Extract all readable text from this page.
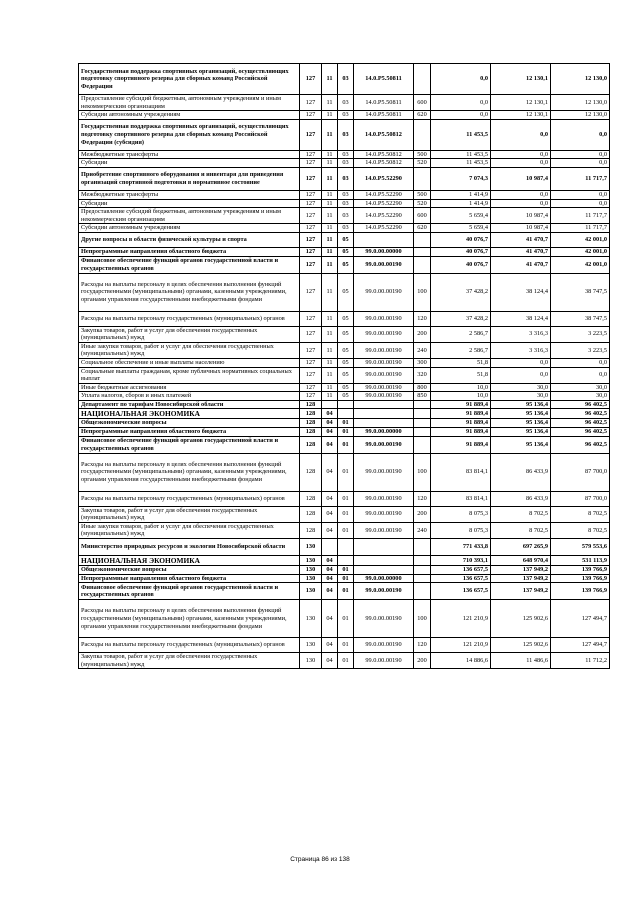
Государственная поддержка спортивных организаций, осуществляющих подготовку спортивного резерва для сборных команд Российской Федерации	127	11	03	14.0.P5.50811		0,0	12 130,1	12 130,0
Предоставление субсидий бюджетным, автономным учреждениям и иным некоммерческим организациям	127	11	03	14.0.P5.50811	600	0,0	12 130,1	12 130,0
Субсидии автономным учреждениям	127	11	03	14.0.P5.50811	620	0,0	12 130,1	12 130,0
Государственная поддержка спортивных организаций, осуществляющих подготовку спортивного резерва для сборных команд Российской Федерации (субсидия)	127	11	03	14.0.P5.50812		11 453,5	0,0	0,0
Межбюджетные трансферты	127	11	03	14.0.P5.50812	500	11 453,5	0,0	0,0
Субсидии	127	11	03	14.0.P5.50812	520	11 453,5	0,0	0,0
Приобретение спортивного оборудования и инвентаря для приведения организаций спортивной подготовки в нормативное состояние	127	11	03	14.0.P5.52290		7 074,3	10 987,4	11 717,7
Межбюджетные трансферты	127	11	03	14.0.P5.52290	500	1 414,9	0,0	0,0
Субсидии	127	11	03	14.0.P5.52290	520	1 414,9	0,0	0,0
Предоставление субсидий бюджетным, автономным учреждениям и иным некоммерческим организациям	127	11	03	14.0.P5.52290	600	5 659,4	10 987,4	11 717,7
Субсидии автономным учреждениям	127	11	03	14.0.P5.52290	620	5 659,4	10 987,4	11 717,7
Другие вопросы в области физической культуры и спорта	127	11	05			40 076,7	41 470,7	42 001,0
Непрограммные направления областного бюджета	127	11	05	99.0.00.00000		40 076,7	41 470,7	42 001,0
Финансовое обеспечение функций органов государственной власти и государственных органов	127	11	05	99.0.00.00190		40 076,7	41 470,7	42 001,0
Расходы на выплаты персоналу в целях обеспечения выполнения функций государственными (муниципальными) органами, казенными учреждениями, органами управления государственными внебюджетными фондами	127	11	05	99.0.00.00190	100	37 428,2	38 124,4	38 747,5
Расходы на выплаты персоналу государственных (муниципальных) органов	127	11	05	99.0.00.00190	120	37 428,2	38 124,4	38 747,5
Закупка товаров, работ и услуг для обеспечения государственных (муниципальных) нужд	127	11	05	99.0.00.00190	200	2 586,7	3 316,3	3 223,5
Иные закупки товаров, работ и услуг для обеспечения государственных (муниципальных) нужд	127	11	05	99.0.00.00190	240	2 586,7	3 316,3	3 223,5
Социальное обеспечение и иные выплаты населению	127	11	05	99.0.00.00190	300	51,8	0,0	0,0
Социальные выплаты гражданам, кроме публичных нормативных социальных выплат	127	11	05	99.0.00.00190	320	51,8	0,0	0,0
Иные бюджетные ассигнования	127	11	05	99.0.00.00190	800	10,0	30,0	30,0
Уплата налогов, сборов и иных платежей	127	11	05	99.0.00.00190	850	10,0	30,0	30,0
Департамент по тарифам Новосибирской области	128					91 889,4	95 136,4	96 402,5
НАЦИОНАЛЬНАЯ ЭКОНОМИКА	128	04				91 889,4	95 136,4	96 402,5
Общеэкономические вопросы	128	04	01			91 889,4	95 136,4	96 402,5
Непрограммные направления областного бюджета	128	04	01	99.0.00.00000		91 889,4	95 136,4	96 402,5
Финансовое обеспечение функций органов государственной власти и государственных органов	128	04	01	99.0.00.00190		91 889,4	95 136,4	96 402,5
Расходы на выплаты персоналу в целях обеспечения выполнения функций государственными (муниципальными) органами, казенными учреждениями, органами управления государственными внебюджетными фондами	128	04	01	99.0.00.00190	100	83 814,1	86 433,9	87 700,0
Расходы на выплаты персоналу государственных (муниципальных) органов	128	04	01	99.0.00.00190	120	83 814,1	86 433,9	87 700,0
Закупка товаров, работ и услуг для обеспечения государственных (муниципальных) нужд	128	04	01	99.0.00.00190	200	8 075,3	8 702,5	8 702,5
Иные закупки товаров, работ и услуг для обеспечения государственных (муниципальных) нужд	128	04	01	99.0.00.00190	240	8 075,3	8 702,5	8 702,5
Министерство природных ресурсов и экологии Новосибирской области	130					771 433,8	697 265,9	579 553,6
НАЦИОНАЛЬНАЯ ЭКОНОМИКА	130	04				710 393,1	648 970,4	531 113,9
Общеэкономические вопросы	130	04	01			136 657,5	137 949,2	139 766,9
Непрограммные направления областного бюджета	130	04	01	99.0.00.00000		136 657,5	137 949,2	139 766,9
Финансовое обеспечение функций органов государственной власти и государственных органов	130	04	01	99.0.00.00190		136 657,5	137 949,2	139 766,9
Расходы на выплаты персоналу в целях обеспечения выполнения функций государственными (муниципальными) органами, казенными учреждениями, органами управления государственными внебюджетными фондами	130	04	01	99.0.00.00190	100	121 210,9	125 902,6	127 494,7
Расходы на выплаты персоналу государственных (муниципальных) органов	130	04	01	99.0.00.00190	120	121 210,9	125 902,6	127 494,7
Закупка товаров, работ и услуг для обеспечения государственных (муниципальных) нужд	130	04	01	99.0.00.00190	200	14 886,6	11 486,6	11 712,2
Страница 86 из 138
